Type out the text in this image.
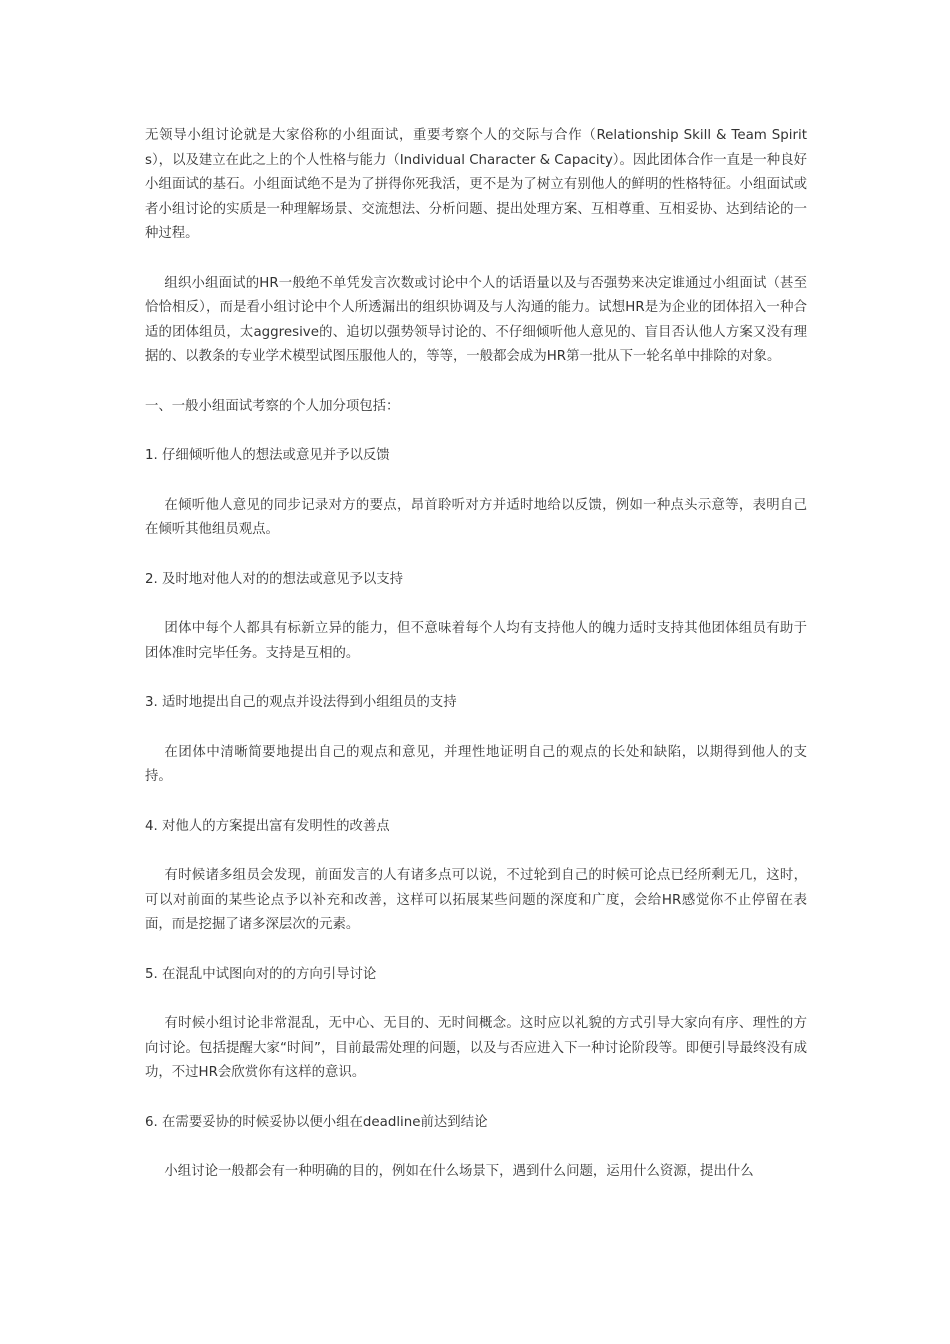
无领导小组讨论就是大家俗称的小组面试，重要考察个人的交际与合作（Relationship Skill & Team Spirits），以及建立在此之上的个人性格与能力（Individual Character & Capacity）。因此团体合作一直是一种良好小组面试的基石。小组面试绝不是为了拼得你死我活，更不是为了树立有别他人的鲜明的性格特征。小组面试或者小组讨论的实质是一种理解场景、交流想法、分析问题、提出处理方案、互相尊重、互相妥协、达到结论的一种过程。

组织小组面试的HR一般绝不单凭发言次数或讨论中个人的话语量以及与否强势来决定谁通过小组面试（甚至恰恰相反），而是看小组讨论中个人所透漏出的组织协调及与人沟通的能力。试想HR是为企业的团体招入一种合适的团体组员，太aggresive的、追切以强势领导讨论的、不仔细倾听他人意见的、盲目否认他人方案又没有理据的、以教条的专业学术模型试图压服他人的，等等，一般都会成为HR第一批从下一轮名单中排除的对象。

一、一般小组面试考察的个人加分项包括：

1. 仔细倾听他人的想法或意见并予以反馈

在倾听他人意见的同步记录对方的要点，昂首聆听对方并适时地给以反馈，例如一种点头示意等，表明自己在倾听其他组员观点。

2. 及时地对他人对的的想法或意见予以支持

团体中每个人都具有标新立异的能力，但不意味着每个人均有支持他人的魄力适时支持其他团体组员有助于团体准时完毕任务。支持是互相的。

3. 适时地提出自己的观点并设法得到小组组员的支持

在团体中清晰简要地提出自己的观点和意见，并理性地证明自己的观点的长处和缺陷，以期得到他人的支持。

4. 对他人的方案提出富有发明性的改善点

有时候诸多组员会发现，前面发言的人有诸多点可以说，不过轮到自己的时候可论点已经所剩无几，这时，可以对前面的某些论点予以补充和改善，这样可以拓展某些问题的深度和广度，会给HR感觉你不止停留在表面，而是挖掘了诸多深层次的元素。

5. 在混乱中试图向对的的方向引导讨论

有时候小组讨论非常混乱，无中心、无目的、无时间概念。这时应以礼貌的方式引导大家向有序、理性的方向讨论。包括提醒大家“时间”，目前最需处理的问题，以及与否应进入下一种讨论阶段等。即便引导最终没有成功，不过HR会欣赏你有这样的意识。

6. 在需要妥协的时候妥协以便小组在deadline前达到结论

小组讨论一般都会有一种明确的目的，例如在什么场景下，遇到什么问题，运用什么资源，提出什么
